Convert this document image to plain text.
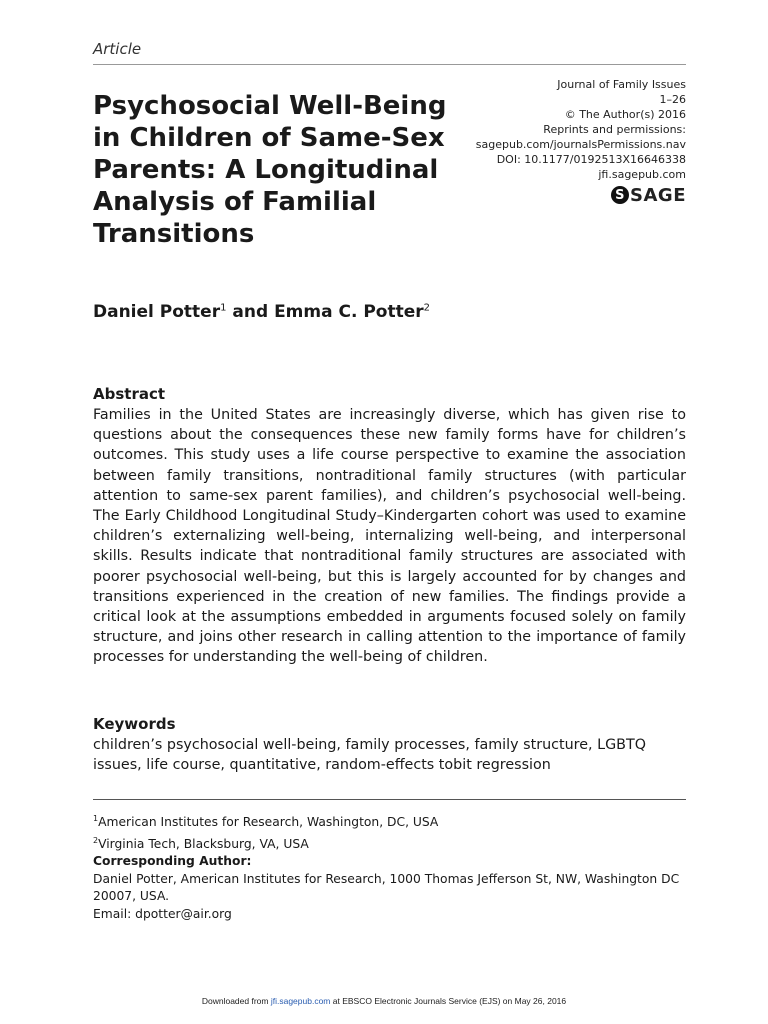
Article
Psychosocial Well-Being in Children of Same-Sex Parents: A Longitudinal Analysis of Familial Transitions
Journal of Family Issues
1–26
© The Author(s) 2016
Reprints and permissions:
sagepub.com/journalsPermissions.nav
DOI: 10.1177/0192513X16646338
jfi.sagepub.com
S SAGE
Daniel Potter$^1$ and Emma C. Potter$^2$
Abstract

Families in the United States are increasingly diverse, which has given rise to questions about the consequences these new family forms have for children’s outcomes. This study uses a life course perspective to examine the association between family transitions, nontraditional family structures (with particular attention to same-sex parent families), and children’s psychosocial well-being. The Early Childhood Longitudinal Study–Kindergarten cohort was used to examine children’s externalizing well-being, internalizing well-being, and interpersonal skills. Results indicate that nontraditional family structures are associated with poorer psychosocial well-being, but this is largely accounted for by changes and transitions experienced in the creation of new families. The findings provide a critical look at the assumptions embedded in arguments focused solely on family structure, and joins other research in calling attention to the importance of family processes for understanding the well-being of children.

Keywords

children’s psychosocial well-being, family processes, family structure, LGBTQ issues, life course, quantitative, random-effects tobit regression

$^1$American Institutes for Research, Washington, DC, USA
$^2$Virginia Tech, Blacksburg, VA, USA
Corresponding Author:
Daniel Potter, American Institutes for Research, 1000 Thomas Jefferson St, NW, Washington DC 20007, USA.
Email: dpotter@air.org
Downloaded from jfi.sagepub.com at EBSCO Electronic Journals Service (EJS) on May 26, 2016
